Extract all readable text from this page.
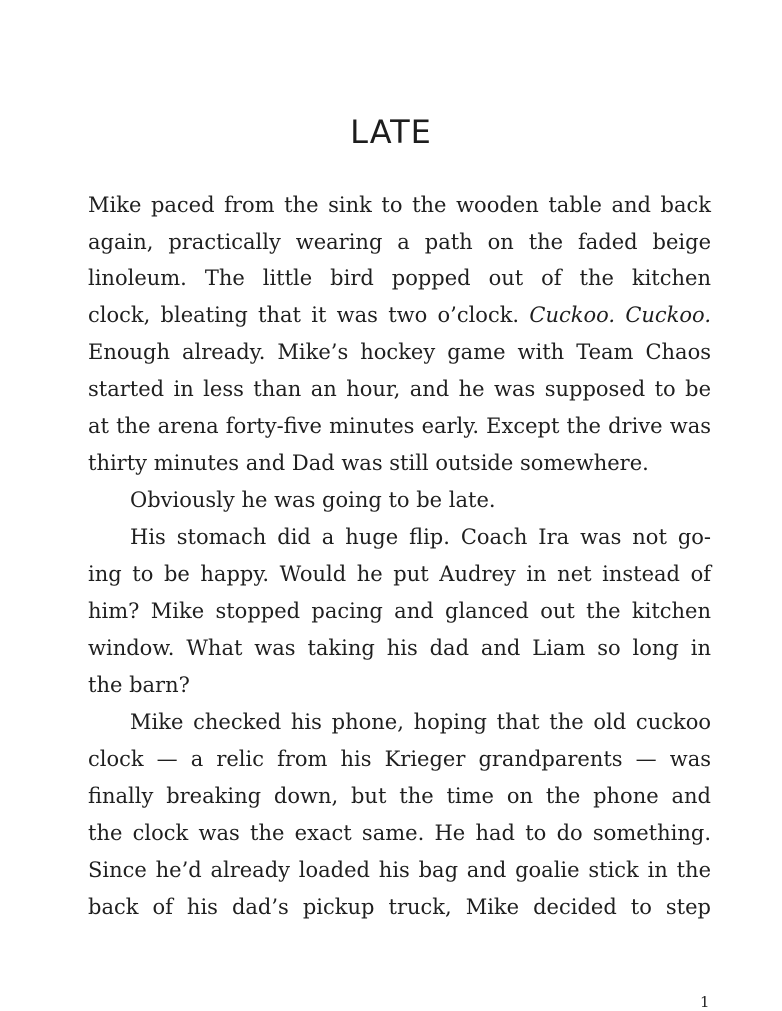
LATE
Mike paced from the sink to the wooden table and back
again, practically wearing a path on the faded beige
linoleum. The little bird popped out of the kitchen
clock, bleating that it was two o’clock. Cuckoo. Cuckoo.
Enough already. Mike’s hockey game with Team Chaos
started in less than an hour, and he was supposed to be
at the arena forty-five minutes early. Except the drive was
thirty minutes and Dad was still outside somewhere.
Obviously he was going to be late.
His stomach did a huge flip. Coach Ira was not go-
ing to be happy. Would he put Audrey in net instead of
him? Mike stopped pacing and glanced out the kitchen
window. What was taking his dad and Liam so long in
the barn?
Mike checked his phone, hoping that the old cuckoo
clock — a relic from his Krieger grandparents — was
finally breaking down, but the time on the phone and
the clock was the exact same. He had to do something.
Since he’d already loaded his bag and goalie stick in the
back of his dad’s pickup truck, Mike decided to step
1
